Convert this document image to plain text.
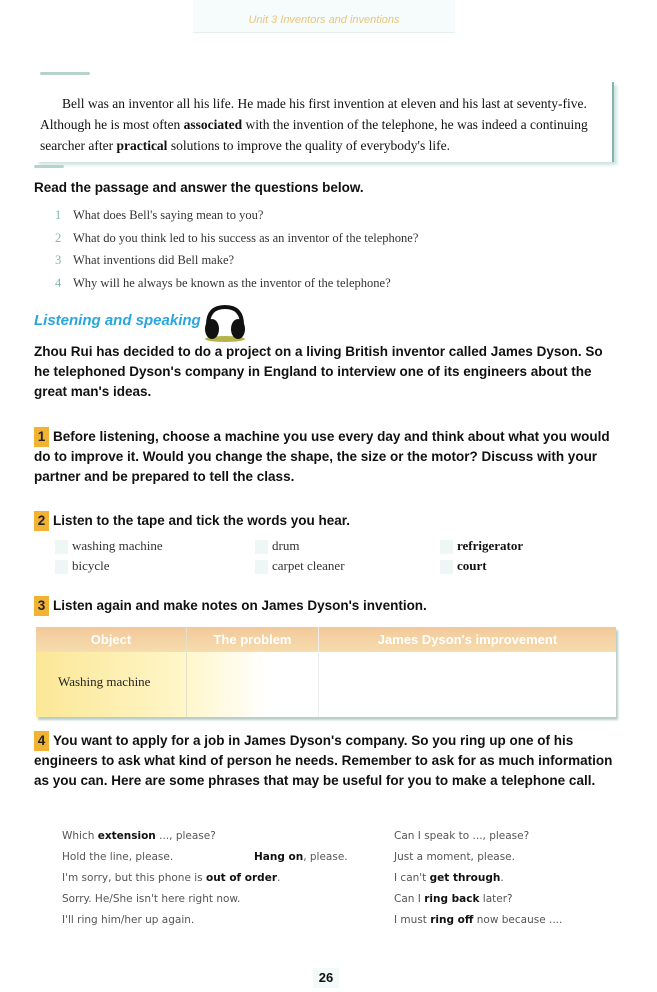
Unit 3 Inventors and inventions

Bell was an inventor all his life. He made his first invention at eleven and his last at seventy-five. Although he is most often associated with the invention of the telephone, he was indeed a continuing searcher after practical solutions to improve the quality of everybody's life.

Read the passage and answer the questions below.
1 What does Bell's saying mean to you?
2 What do you think led to his success as an inventor of the telephone?
3 What inventions did Bell make?
4 Why will he always be known as the inventor of the telephone?
Listening and speaking
Zhou Rui has decided to do a project on a living British inventor called James Dyson. So he telephoned Dyson's company in England to interview one of its engineers about the great man's ideas.
1 Before listening, choose a machine you use every day and think about what you would do to improve it. Would you change the shape, the size or the motor? Discuss with your partner and be prepared to tell the class.
2 Listen to the tape and tick the words you hear.
washing machine	drum	refrigerator
bicycle	carpet cleaner	court
3 Listen again and make notes on James Dyson's invention.
Object	The problem	James Dyson's improvement
Washing machine
4 You want to apply for a job in James Dyson's company. So you ring up one of his engineers to ask what kind of person he needs. Remember to ask for as much information as you can. Here are some phrases that may be useful for you to make a telephone call.
Which extension ..., please?
Hold the line, please.
I'm sorry, but this phone is out of order.
Sorry. He/She isn't here right now.
I'll ring him/her up again.
Hang on, please.
Can I speak to ..., please?
Just a moment, please.
I can't get through.
Can I ring back later?
I must ring off now because ....
26
